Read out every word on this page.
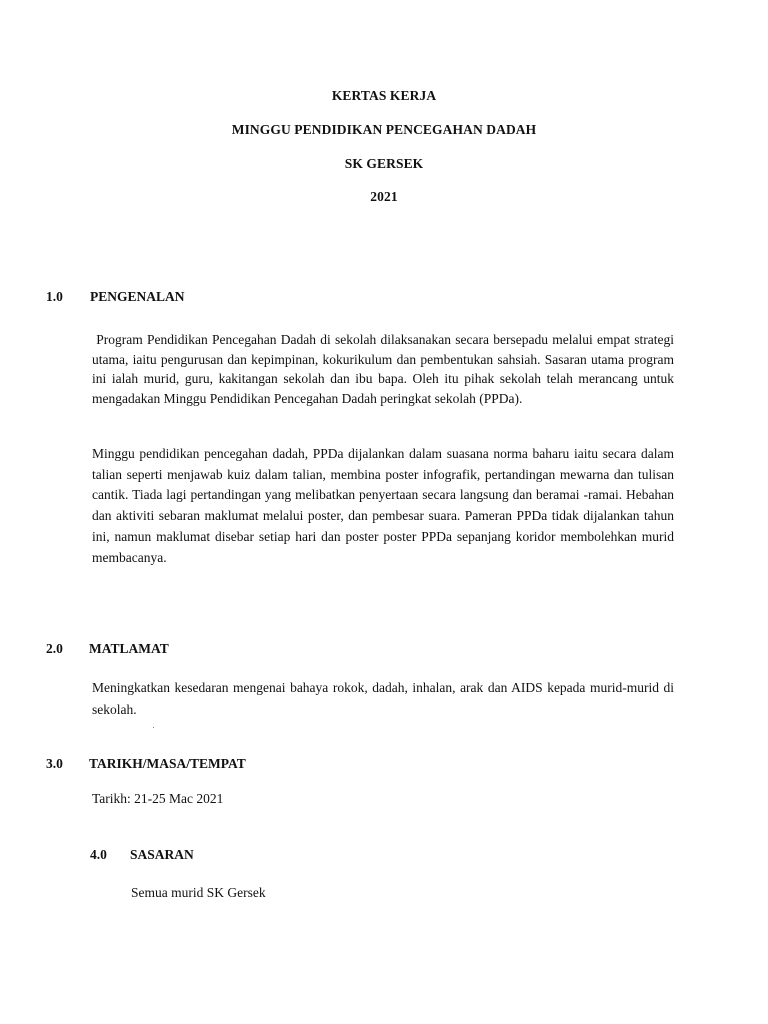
KERTAS KERJA
MINGGU PENDIDIKAN PENCEGAHAN DADAH
SK GERSEK
2021
1.0 PENGENALAN
Program Pendidikan Pencegahan Dadah di sekolah dilaksanakan secara bersepadu melalui empat strategi utama, iaitu pengurusan dan kepimpinan, kokurikulum dan pembentukan sahsiah. Sasaran utama program ini ialah murid, guru, kakitangan sekolah dan ibu bapa. Oleh itu pihak sekolah telah merancang untuk mengadakan Minggu Pendidikan Pencegahan Dadah peringkat sekolah (PPDa).
Minggu pendidikan pencegahan dadah, PPDa dijalankan dalam suasana norma baharu iaitu secara dalam talian seperti menjawab kuiz dalam talian, membina poster infografik, pertandingan mewarna dan tulisan cantik. Tiada lagi pertandingan yang melibatkan penyertaan secara langsung dan beramai -ramai. Hebahan dan aktiviti sebaran maklumat melalui poster, dan pembesar suara. Pameran PPDa tidak dijalankan tahun ini, namun maklumat disebar setiap hari dan poster poster PPDa sepanjang koridor membolehkan murid membacanya.
2.0 MATLAMAT
Meningkatkan kesedaran mengenai bahaya rokok, dadah, inhalan, arak dan AIDS kepada murid-murid di sekolah.
3.0 TARIKH/MASA/TEMPAT
Tarikh: 21-25 Mac 2021
4.0 SASARAN
Semua murid SK Gersek
